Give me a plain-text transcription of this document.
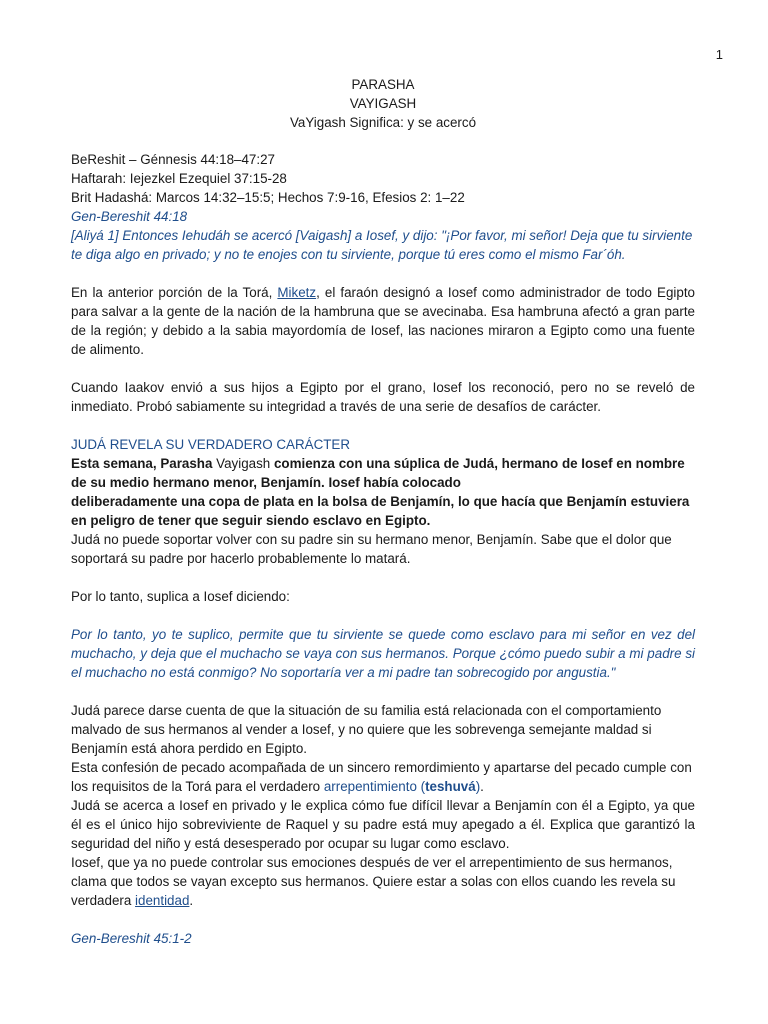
1
PARASHA
VAYIGASH
VaYigash Significa: y se acercó
BeReshit – Génnesis 44:18–47:27
Haftarah: Iejezkel Ezequiel 37:15-28
Brit Hadashá: Marcos 14:32–15:5; Hechos 7:9-16, Efesios 2: 1–22
Gen-Bereshit 44:18
[Aliyá 1] Entonces Iehudáh se acercó [Vaigash] a Iosef, y dijo: "¡Por favor, mi señor! Deja que tu sirviente te diga algo en privado; y no te enojes con tu sirviente, porque tú eres como el mismo Far´óh.
En la anterior porción de la Torá, Miketz, el faraón designó a Iosef como administrador de todo Egipto para salvar a la gente de la nación de la hambruna que se avecinaba. Esa hambruna afectó a gran parte de la región; y debido a la sabia mayordomía de Iosef, las naciones miraron a Egipto como una fuente de alimento.
Cuando Iaakov envió a sus hijos a Egipto por el grano, Iosef los reconoció, pero no se reveló de inmediato. Probó sabiamente su integridad a través de una serie de desafíos de carácter.
JUDÁ REVELA SU VERDADERO CARÁCTER
Esta semana, Parasha Vayigash comienza con una súplica de Judá, hermano de Iosef en nombre de su medio hermano menor, Benjamín. Iosef había colocado
deliberadamente una copa de plata en la bolsa de Benjamín, lo que hacía que Benjamín estuviera en peligro de tener que seguir siendo esclavo en Egipto.
Judá no puede soportar volver con su padre sin su hermano menor, Benjamín. Sabe que el dolor que soportará su padre por hacerlo probablemente lo matará.
Por lo tanto, suplica a Iosef diciendo:
Por lo tanto, yo te suplico, permite que tu sirviente se quede como esclavo para mi señor en vez del muchacho, y deja que el muchacho se vaya con sus hermanos. Porque ¿cómo puedo subir a mi padre si el muchacho no está conmigo? No soportaría ver a mi padre tan sobrecogido por angustia."
Judá parece darse cuenta de que la situación de su familia está relacionada con el comportamiento malvado de sus hermanos al vender a Iosef, y no quiere que les sobrevenga semejante maldad si Benjamín está ahora perdido en Egipto.
Esta confesión de pecado acompañada de un sincero remordimiento y apartarse del pecado cumple con los requisitos de la Torá para el verdadero arrepentimiento (teshuvá).
Judá se acerca a Iosef en privado y le explica cómo fue difícil llevar a Benjamín con él a Egipto, ya que él es el único hijo sobreviviente de Raquel y su padre está muy apegado a él. Explica que garantizó la seguridad del niño y está desesperado por ocupar su lugar como esclavo.
Iosef, que ya no puede controlar sus emociones después de ver el arrepentimiento de sus hermanos, clama que todos se vayan excepto sus hermanos. Quiere estar a solas con ellos cuando les revela su verdadera identidad.
Gen-Bereshit 45:1-2
